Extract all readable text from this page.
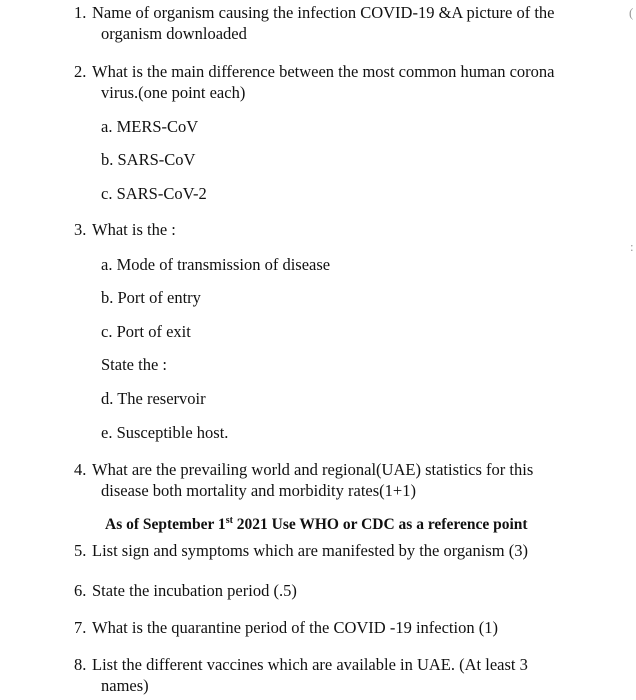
1. Name of organism causing the infection COVID-19 &A picture of the
organism downloaded
2. What is the main difference between the most common human corona
virus.(one point each)
a. MERS-CoV
b. SARS-CoV
c. SARS-CoV-2
3. What is the :
a. Mode of transmission of disease
b. Port of entry
c. Port of exit
State the :
d. The reservoir
e. Susceptible host.
4. What are the prevailing world and regional(UAE) statistics for this
disease both mortality and morbidity rates(1+1)
As of September 1st 2021 Use WHO or CDC as a reference point
5. List sign and symptoms which are manifested by the organism (3)
6. State the incubation period (.5)
7. What is the quarantine period of the COVID -19 infection (1)
8. List the different vaccines which are available in UAE. (At least 3
names)
(
:
